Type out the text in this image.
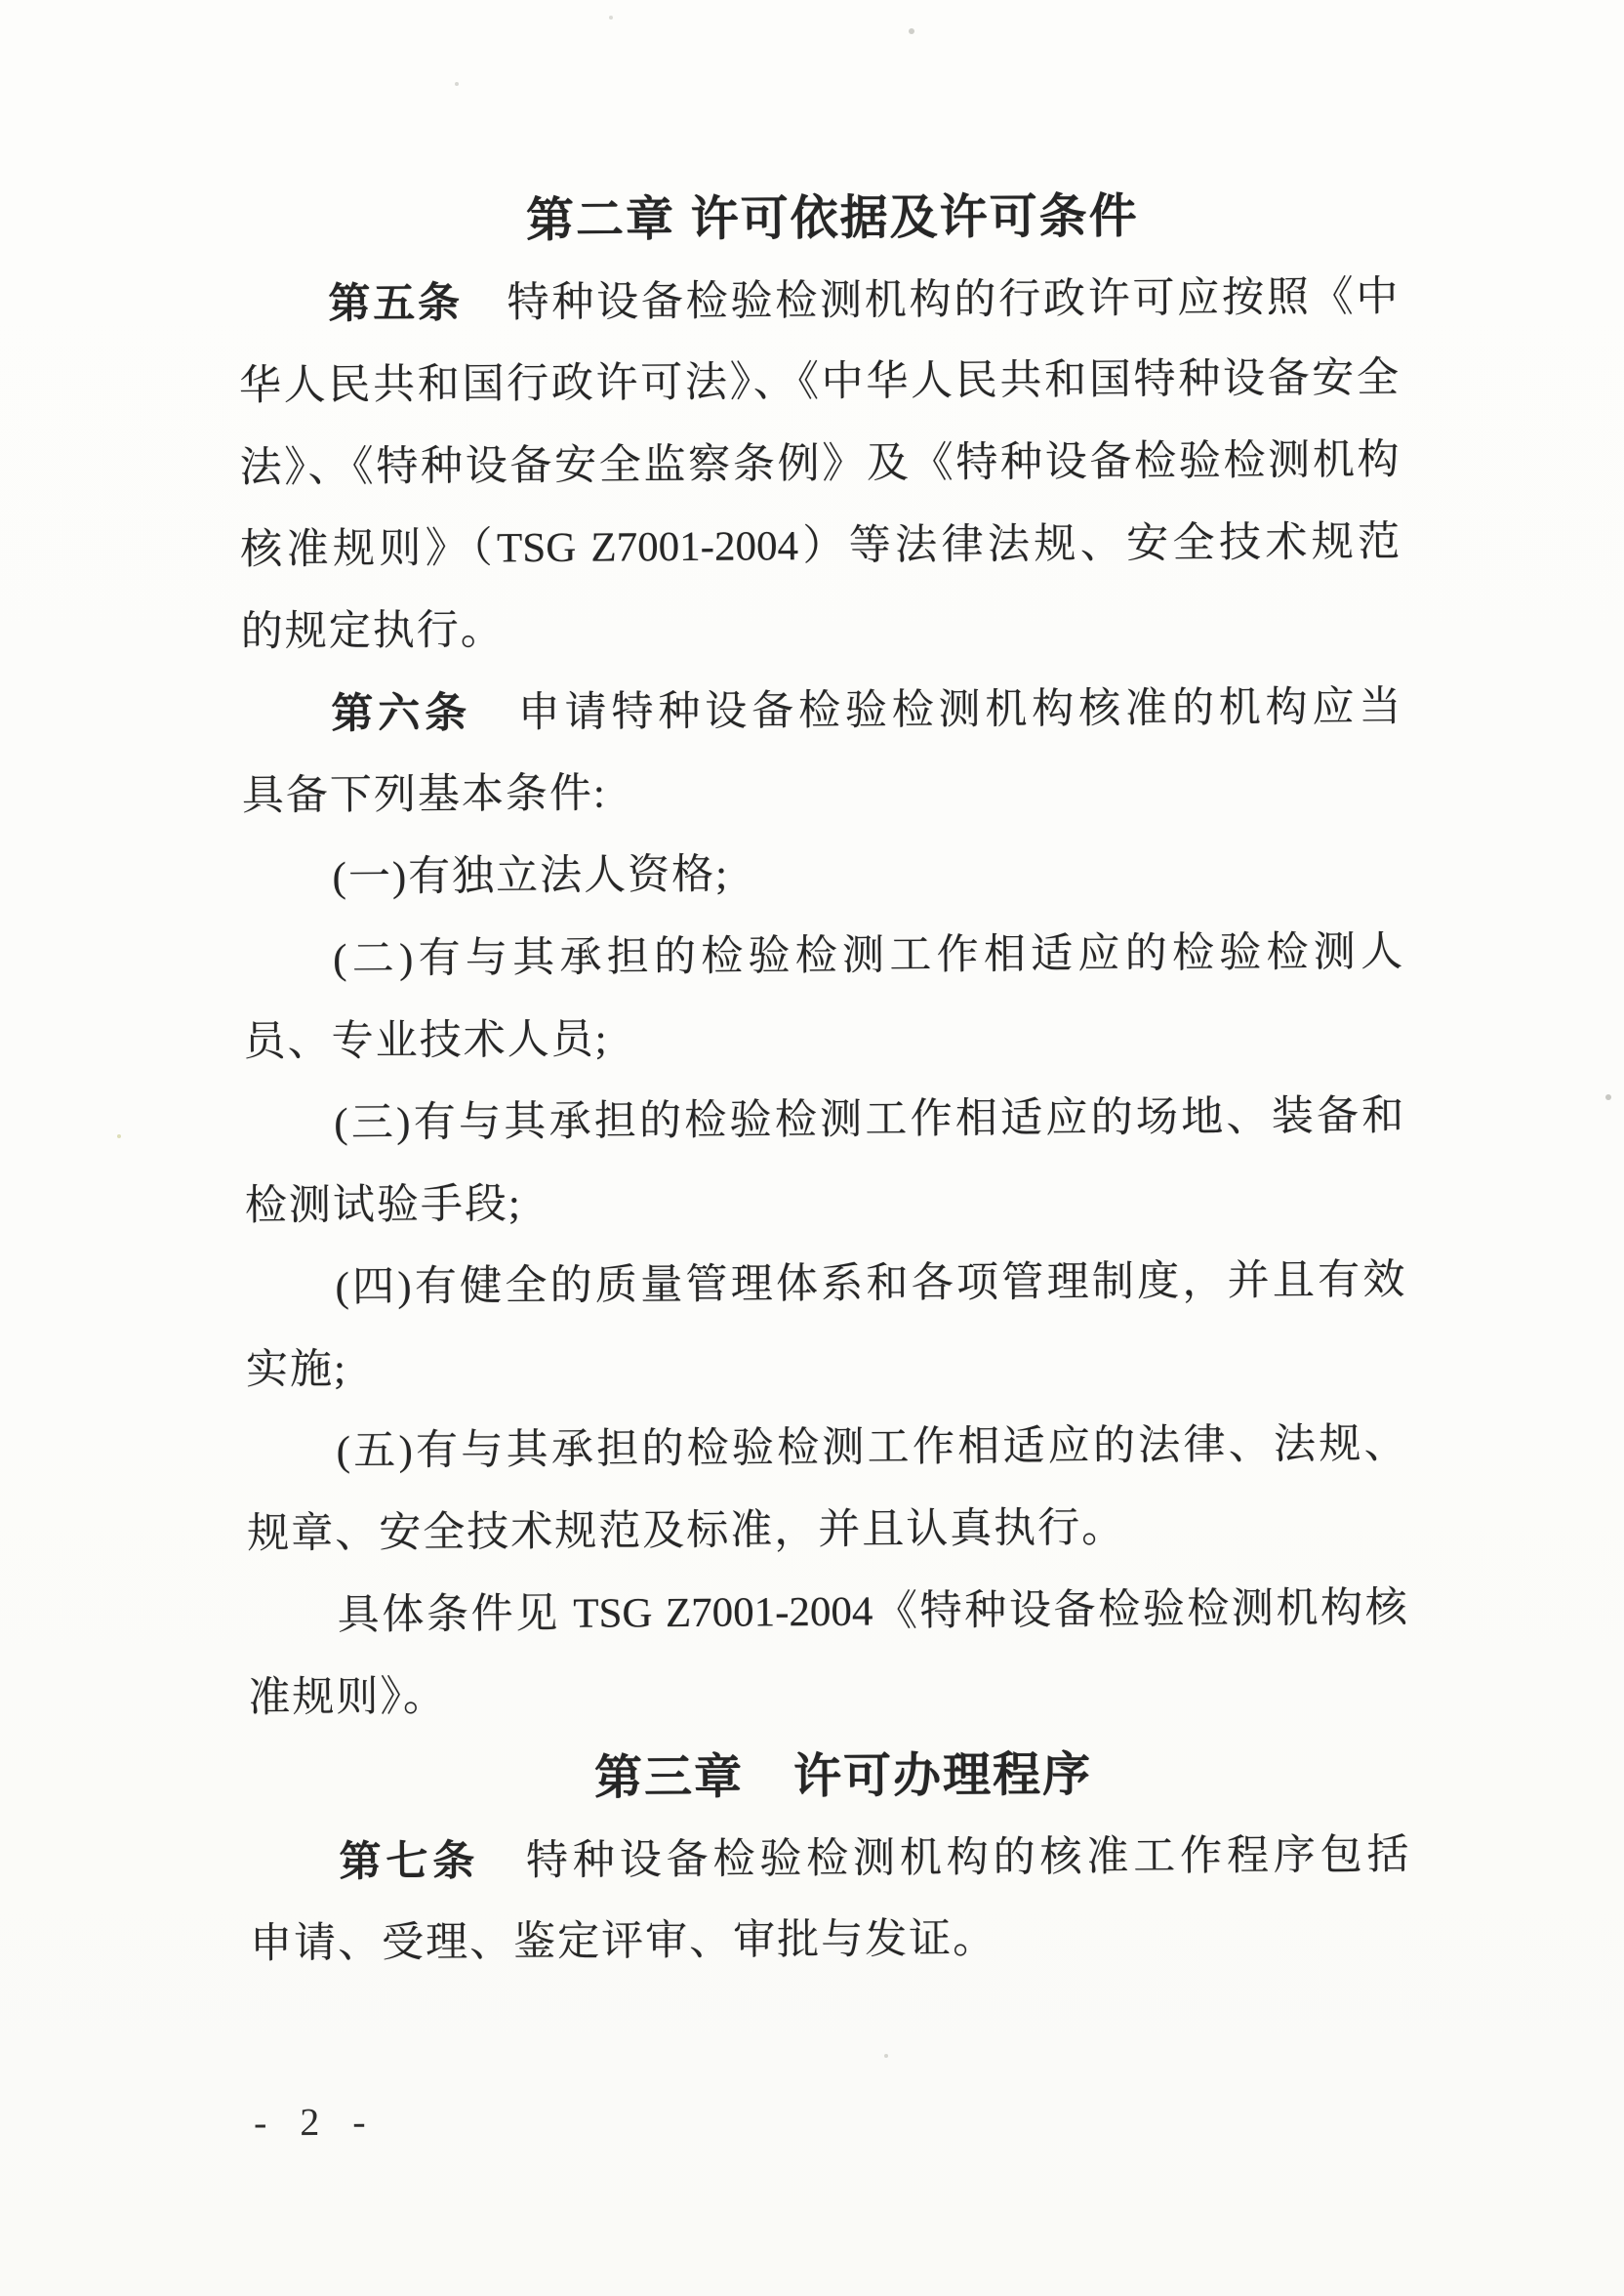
第二章 许可依据及许可条件
第五条　特种设备检验检测机构的行政许可应按照《中
华人民共和国行政许可法》、《中华人民共和国特种设备安全
法》、《特种设备安全监察条例》及《特种设备检验检测机构
核准规则》（TSG Z7001-2004）等法律法规、安全技术规范
的规定执行。
第六条　申请特种设备检验检测机构核准的机构应当
具备下列基本条件:
(一)有独立法人资格;
(二)有与其承担的检验检测工作相适应的检验检测人
员、专业技术人员;
(三)有与其承担的检验检测工作相适应的场地、装备和
检测试验手段;
(四)有健全的质量管理体系和各项管理制度，并且有效
实施;
(五)有与其承担的检验检测工作相适应的法律、法规、
规章、安全技术规范及标准，并且认真执行。
具体条件见 TSG Z7001-2004《特种设备检验检测机构核
准规则》。
第三章　许可办理程序
第七条　特种设备检验检测机构的核准工作程序包括
申请、受理、鉴定评审、审批与发证。
- 2 -
